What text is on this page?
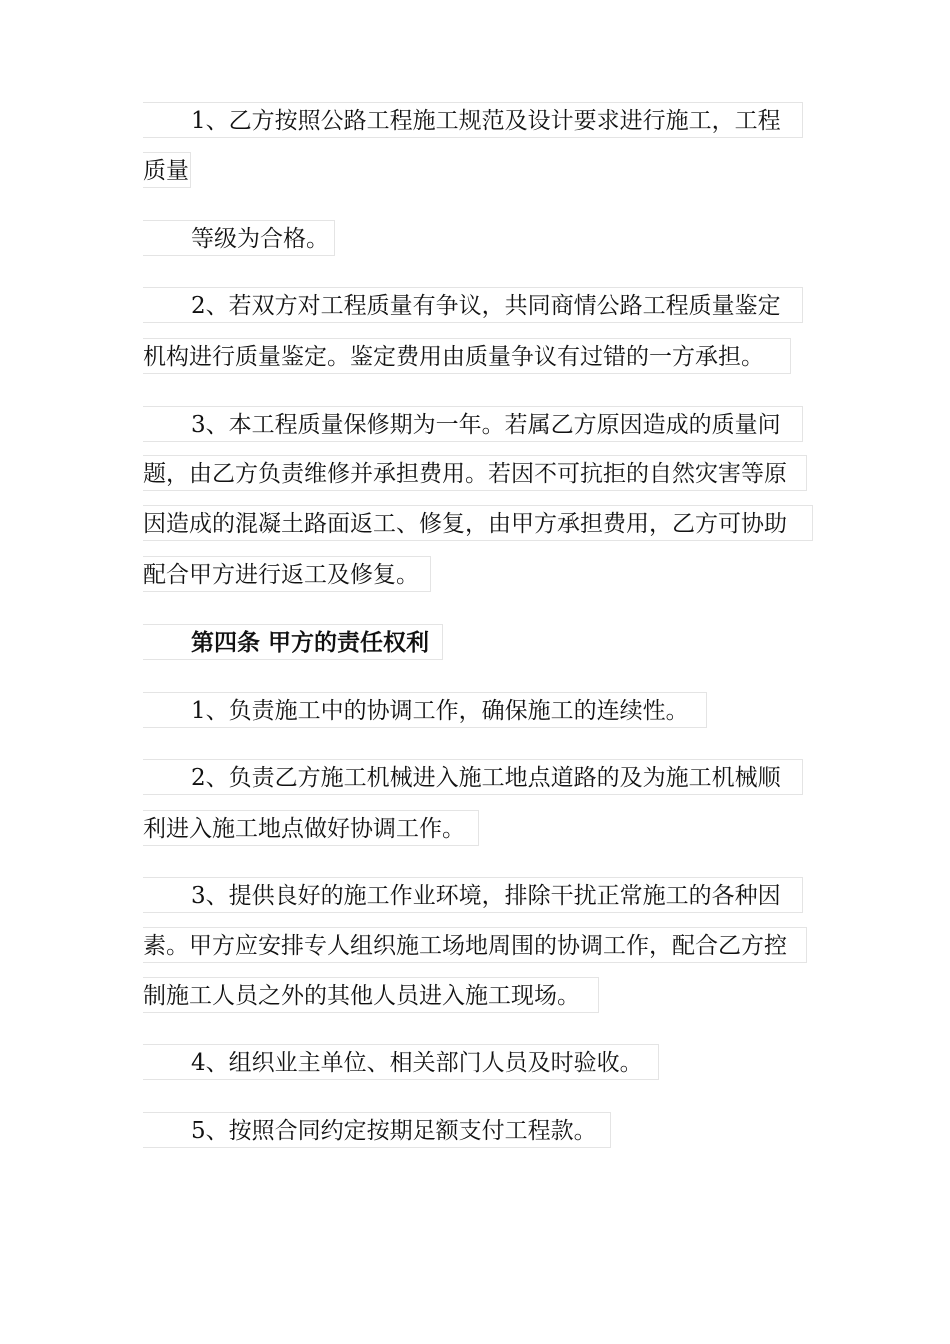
1、乙方按照公路工程施工规范及设计要求进行施工，工程
质量
等级为合格。
2、若双方对工程质量有争议，共同商情公路工程质量鉴定
机构进行质量鉴定。鉴定费用由质量争议有过错的一方承担。
3、本工程质量保修期为一年。若属乙方原因造成的质量问
题，由乙方负责维修并承担费用。若因不可抗拒的自然灾害等原
因造成的混凝土路面返工、修复，由甲方承担费用，乙方可协助
配合甲方进行返工及修复。
第四条 甲方的责任权利
1、负责施工中的协调工作，确保施工的连续性。
2、负责乙方施工机械进入施工地点道路的及为施工机械顺
利进入施工地点做好协调工作。
3、提供良好的施工作业环境，排除干扰正常施工的各种因
素。甲方应安排专人组织施工场地周围的协调工作，配合乙方控
制施工人员之外的其他人员进入施工现场。
4、组织业主单位、相关部门人员及时验收。
5、按照合同约定按期足额支付工程款。
